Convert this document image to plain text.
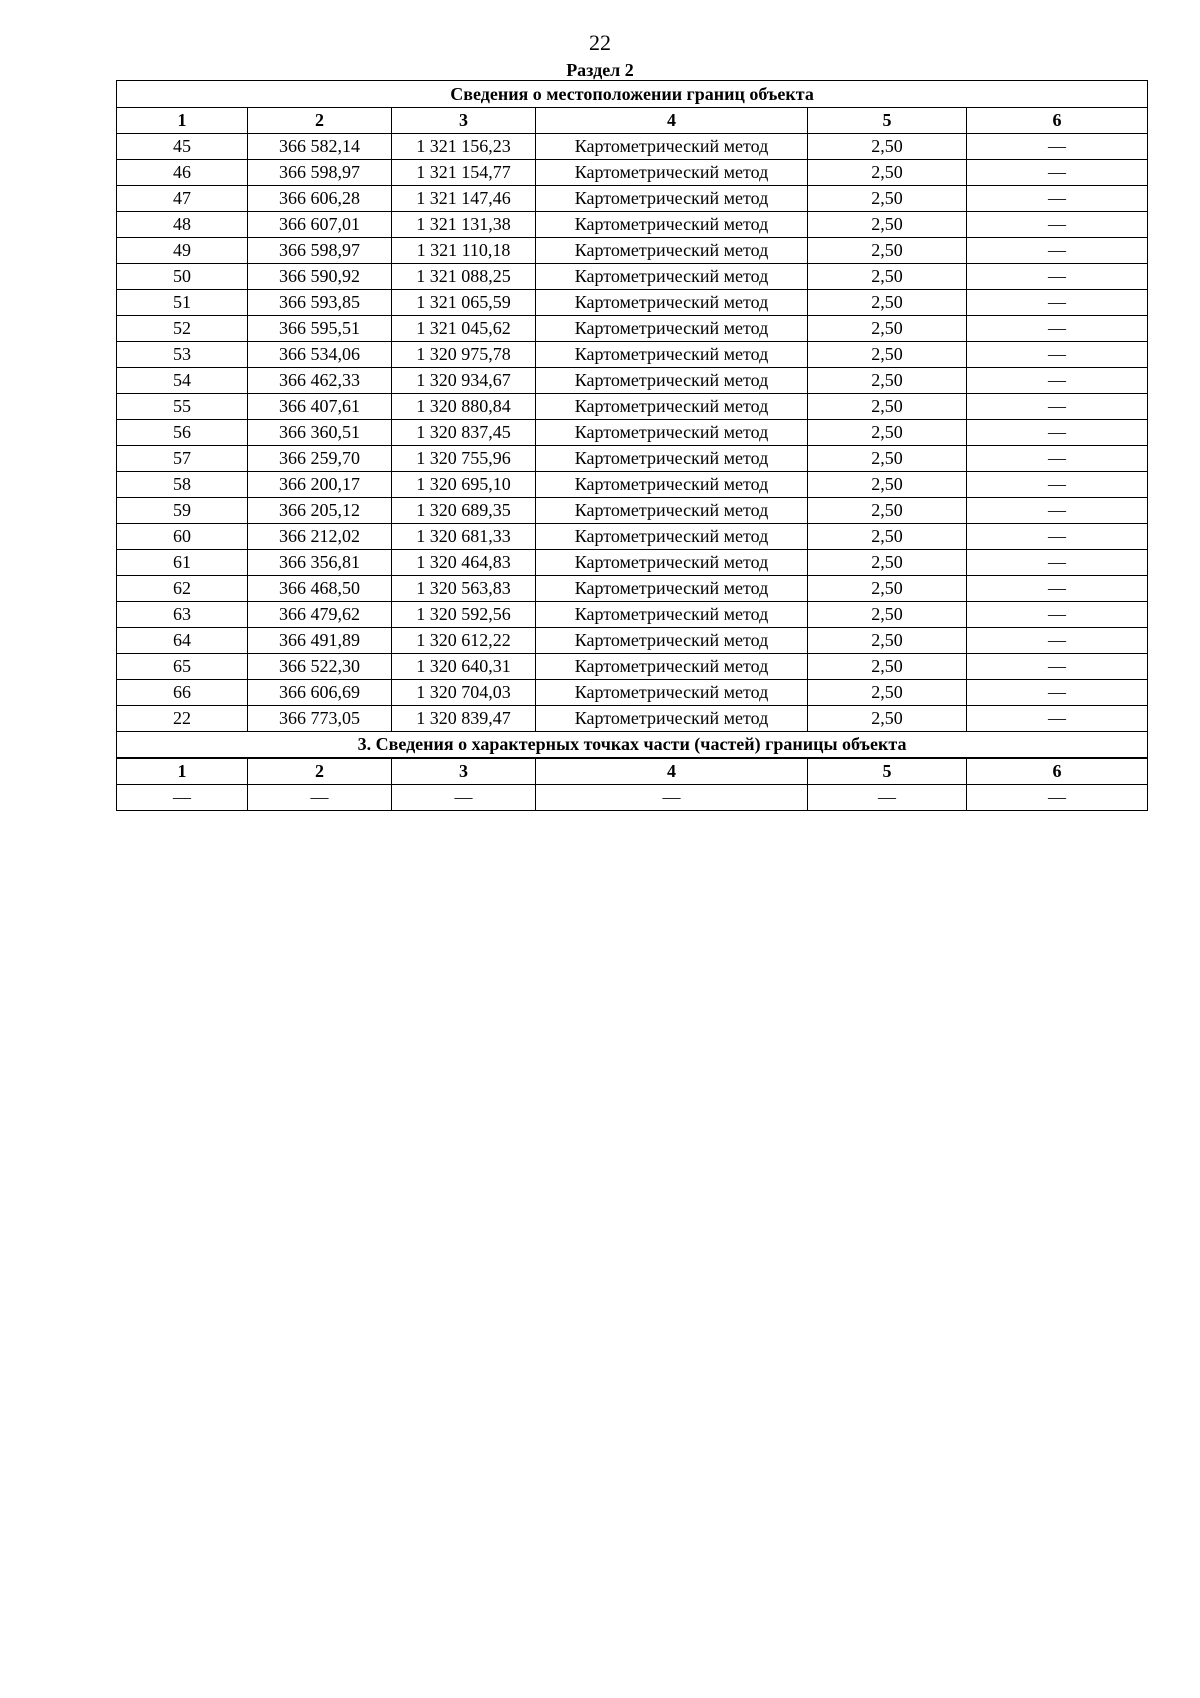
22
Раздел 2
Сведения о местоположении границ объекта					
1	2	3	4	5	6
45	366 582,14	1 321 156,23	Картометрический метод	2,50	—
46	366 598,97	1 321 154,77	Картометрический метод	2,50	—
47	366 606,28	1 321 147,46	Картометрический метод	2,50	—
48	366 607,01	1 321 131,38	Картометрический метод	2,50	—
49	366 598,97	1 321 110,18	Картометрический метод	2,50	—
50	366 590,92	1 321 088,25	Картометрический метод	2,50	—
51	366 593,85	1 321 065,59	Картометрический метод	2,50	—
52	366 595,51	1 321 045,62	Картометрический метод	2,50	—
53	366 534,06	1 320 975,78	Картометрический метод	2,50	—
54	366 462,33	1 320 934,67	Картометрический метод	2,50	—
55	366 407,61	1 320 880,84	Картометрический метод	2,50	—
56	366 360,51	1 320 837,45	Картометрический метод	2,50	—
57	366 259,70	1 320 755,96	Картометрический метод	2,50	—
58	366 200,17	1 320 695,10	Картометрический метод	2,50	—
59	366 205,12	1 320 689,35	Картометрический метод	2,50	—
60	366 212,02	1 320 681,33	Картометрический метод	2,50	—
61	366 356,81	1 320 464,83	Картометрический метод	2,50	—
62	366 468,50	1 320 563,83	Картометрический метод	2,50	—
63	366 479,62	1 320 592,56	Картометрический метод	2,50	—
64	366 491,89	1 320 612,22	Картометрический метод	2,50	—
65	366 522,30	1 320 640,31	Картометрический метод	2,50	—
66	366 606,69	1 320 704,03	Картометрический метод	2,50	—
22	366 773,05	1 320 839,47	Картометрический метод	2,50	—
3. Сведения о характерных точках части (частей) границы объекта					
1	2	3	4	5	6
—	—	—	—	—	—
